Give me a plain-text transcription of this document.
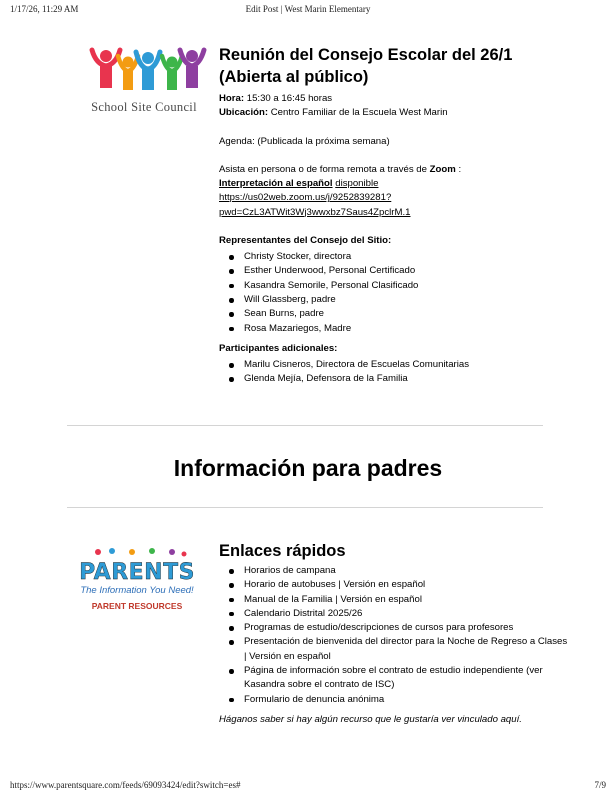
1/17/26, 11:29 AM	Edit Post | West Marin Elementary
School Site Council
Reunión del Consejo Escolar del 26/1 (Abierta al público)
Hora: 15:30 a 16:45 horas
Ubicación: Centro Familiar de la Escuela West Marin
Agenda: (Publicada la próxima semana)
Asista en persona o de forma remota a través de Zoom :
Interpretación al español disponible
https://us02web.zoom.us/j/9252839281?
pwd=CzL3ATWit3Wj3wwxbz7Saus4ZpclrM.1
Representantes del Consejo del Sitio:
Christy Stocker, directora
Esther Underwood, Personal Certificado
Kasandra Semorile, Personal Clasificado
Will Glassberg, padre
Sean Burns, padre
Rosa Mazariegos, Madre
Participantes adicionales:
Marilu Cisneros, Directora de Escuelas Comunitarias
Glenda Mejía, Defensora de la Familia
Información para padres
PARENTS
The Information You Need!
PARENT RESOURCES
Enlaces rápidos
Horarios de campana
Horario de autobuses | Versión en español
Manual de la Familia | Versión en español
Calendario Distrital 2025/26
Programas de estudio/descripciones de cursos para profesores
Presentación de bienvenida del director para la Noche de Regreso a Clases | Versión en español
Página de información sobre el contrato de estudio independiente (ver Kasandra sobre el contrato de ISC)
Formulario de denuncia anónima
Háganos saber si hay algún recurso que le gustaría ver vinculado aquí.
https://www.parentsquare.com/feeds/69093424/edit?switch=es#	7/9
